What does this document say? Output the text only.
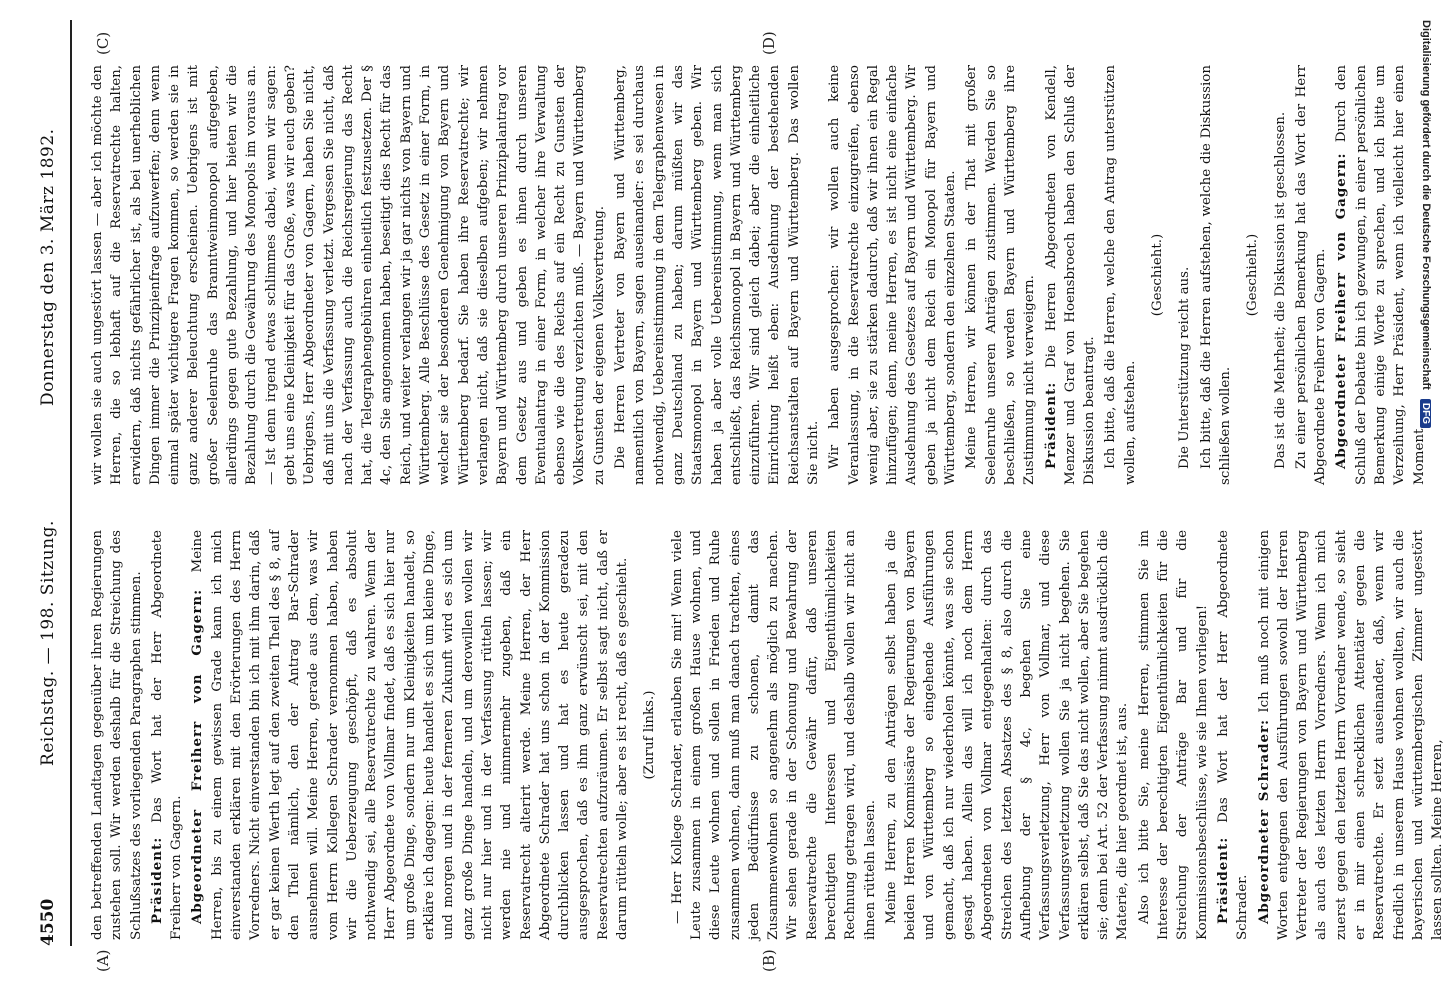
4550
Reichstag. — 198. Sitzung.
Donnerstag den 3. März 1892.
(A)	(B)
(C)	(D)

den betreffenden Landtagen gegenüber ihren Regierungen zustehen soll. Wir werden deshalb für die Streichung des Schlußsatzes des vorliegenden Paragraphen stimmen. Präsident: Das Wort hat der Herr Abgeordnete Freiherr von Gagern. Abgeordneter Freiherr von Gagern: Meine Herren, bis zu einem gewissen Grade kann ich mich einverstanden erklären mit den Erörterungen des Herrn Vorredners. Nicht einverstanden bin ich mit ihm darin, daß er gar keinen Werth legt auf den zweiten Theil des § 8, auf den Theil nämlich, den der Antrag Bar-Schrader ausnehmen will. Meine Herren, gerade aus dem, was wir vom Herrn Kollegen Schrader vernommen haben, haben wir die Ueberzeugung geschöpft, daß es absolut nothwendig sei, alle Reservatrechte zu wahren. Wenn der Herr Abgeordnete von Vollmar findet, daß es sich hier nur um große Dinge, sondern nur um Kleinigkeiten handelt, so erkläre ich dagegen: heute handelt es sich um kleine Dinge, und morgen und in der ferneren Zukunft wird es sich um ganz große Dinge handeln, und um derowillen wollen wir nicht nur hier und in der Verfassung rütteln lassen; wir werden nie und nimmermehr zugeben, daß ein Reservatrecht alterirt werde. Meine Herren, der Herr Abgeordnete Schrader hat uns schon in der Kommission durchblicken lassen und hat es heute geradezu ausgesprochen, daß es ihm ganz erwünscht sei, mit den Reservatrechten aufzuräumen. Er selbst sagt nicht, daß er darum rütteln wolle; aber es ist recht, daß es geschieht. (Zuruf links.) — Herr Kollege Schrader, erlauben Sie mir! Wenn viele Leute zusammen in einem großen Hause wohnen, und diese Leute wohnen und sollen in Frieden und Ruhe zusammen wohnen, dann muß man danach trachten, eines jeden Bedürfnisse zu schonen, damit das Zusammenwohnen so angenehm als möglich zu machen. Wir sehen gerade in der Schonung und Bewahrung der Reservatrechte die Gewähr dafür, daß unseren berechtigten Interessen und Eigenthümlichkeiten Rechnung getragen wird, und deshalb wollen wir nicht an ihnen rütteln lassen. Meine Herren, zu den Anträgen selbst haben ja die beiden Herren Kommissäre der Regierungen von Bayern und von Württemberg so eingehende Ausführungen gemacht, daß ich nur wiederholen könnte, was sie schon gesagt haben. Allein das will ich noch dem Herrn Abgeordneten von Vollmar entgegenhalten: durch das Streichen des letzten Absatzes des § 8, also durch die Aufhebung der § 4c, begehen Sie eine Verfassungsverletzung, Herr von Vollmar, und diese Verfassungsverletzung wollen Sie ja nicht begehen. Sie erklären selbst, daß Sie das nicht wollen, aber Sie begehen sie; denn bei Art. 52 der Verfassung nimmt ausdrücklich die Materie, die hier geordnet ist, aus. Also ich bitte Sie, meine Herren, stimmen Sie im Interesse der berechtigten Eigenthümlichkeiten für die Streichung der Anträge Bar und für die Kommissionsbeschlüsse, wie sie Ihnen vorliegen! Präsident: Das Wort hat der Herr Abgeordnete Schrader. Abgeordneter Schrader: Ich muß noch mit einigen Worten entgegnen den Ausführungen sowohl der Herren Vertreter der Regierungen von Bayern und Württemberg als auch des letzten Herrn Vorredners. Wenn ich mich zuerst gegen den letzten Herrn Vorredner wende, so sieht er in mir einen schrecklichen Attentäter gegen die Reservatrechte. Er setzt auseinander, daß, wenn wir friedlich in unserem Hause wohnen wollten, wir auch die bayerischen und württembergischen Zimmer ungestört lassen sollten. Meine Herren,

wir wollen sie auch ungestört lassen — aber ich möchte den Herren, die so lebhaft auf die Reservatrechte halten, erwidern, daß nichts gefährlicher ist, als bei unerheblichen Dingen immer die Prinzipienfrage aufzuwerfen; denn wenn einmal später wichtigere Fragen kommen, so werden sie in ganz anderer Beleuchtung erscheinen. Uebrigens ist mit großer Seelenruhe das Branntweinmonopol aufgegeben, allerdings gegen gute Bezahlung, und hier bieten wir die Bezahlung durch die Gewährung des Monopols im voraus an. — Ist denn irgend etwas schlimmes dabei, wenn wir sagen: gebt uns eine Kleinigkeit für das Große, was wir euch geben? Uebrigens, Herr Abgeordneter von Gagern, haben Sie nicht, daß mit uns die Verfassung verletzt. Vergessen Sie nicht, daß nach der Verfassung auch die Reichsregierung das Recht hat, die Telegraphengebühren einheitlich festzusetzen. Der § 4c, den Sie angenommen haben, beseitigt dies Recht für das Reich, und weiter verlangen wir ja gar nichts von Bayern und Württemberg. Alle Beschlüsse des Gesetz in einer Form, in welcher sie der besonderen Genehmigung von Bayern und Württemberg bedarf. Sie haben ihre Reservatrechte; wir verlangen nicht, daß sie dieselben aufgeben; wir nehmen Bayern und Württemberg durch unseren Prinzipalantrag vor dem Gesetz aus und geben es ihnen durch unseren Eventualantrag in einer Form, in welcher ihre Verwaltung ebenso wie die des Reichs auf ein Recht zu Gunsten der Volksvertretung verzichten muß. — Bayern und Württemberg zu Gunsten der eigenen Volksvertretung. Die Herren Vertreter von Bayern und Württemberg, namentlich von Bayern, sagen auseinander: es sei durchaus nothwendig, Uebereinstimmung in dem Telegraphenwesen in ganz Deutschland zu haben; darum müßten wir das Staatsmonopol in Bayern und Württemberg geben. Wir haben ja aber volle Uebereinstimmung, wenn man sich entschließt, das Reichsmonopol in Bayern und Württemberg einzuführen. Wir sind gleich dabei; aber die einheitliche Einrichtung heißt eben: Ausdehnung der bestehenden Reichsanstalten auf Bayern und Württemberg. Das wollen Sie nicht. Wir haben ausgesprochen: wir wollen auch keine Veranlassung, in die Reservatrechte einzugreifen, ebenso wenig aber, sie zu stärken dadurch, daß wir ihnen ein Regal hinzufügen; denn, meine Herren, es ist nicht eine einfache Ausdehnung des Gesetzes auf Bayern und Württemberg. Wir geben ja nicht dem Reich ein Monopol für Bayern und Württemberg, sondern den einzelnen Staaten. Meine Herren, wir können in der That mit großer Seelenruhe unseren Anträgen zustimmen. Werden Sie so beschließen, so werden Bayern und Württemberg ihre Zustimmung nicht verweigern. Präsident: Die Herren Abgeordneten von Kendell, Menzer und Graf von Hoensbroech haben den Schluß der Diskussion beantragt. Ich bitte, daß die Herren, welche den Antrag unterstützen wollen, aufstehen.

(Geschieht.) Die Unterstützung reicht aus. Ich bitte, daß die Herren aufstehen, welche die Diskussion schließen wollen.

(Geschieht.) Das ist die Mehrheit; die Diskussion ist geschlossen. Zu einer persönlichen Bemerkung hat das Wort der Herr Abgeordnete Freiherr von Gagern. Abgeordneter Freiherr von Gagern: Durch den Schluß der Debatte bin ich gezwungen, in einer persönlichen Bemerkung einige Worte zu sprechen, und ich bitte um Verzeihung, Herr Präsident, wenn ich vielleicht hier einen Moment

Digitalisierung gefördert durch die Deutsche Forschungsgemeinschaft DFG
